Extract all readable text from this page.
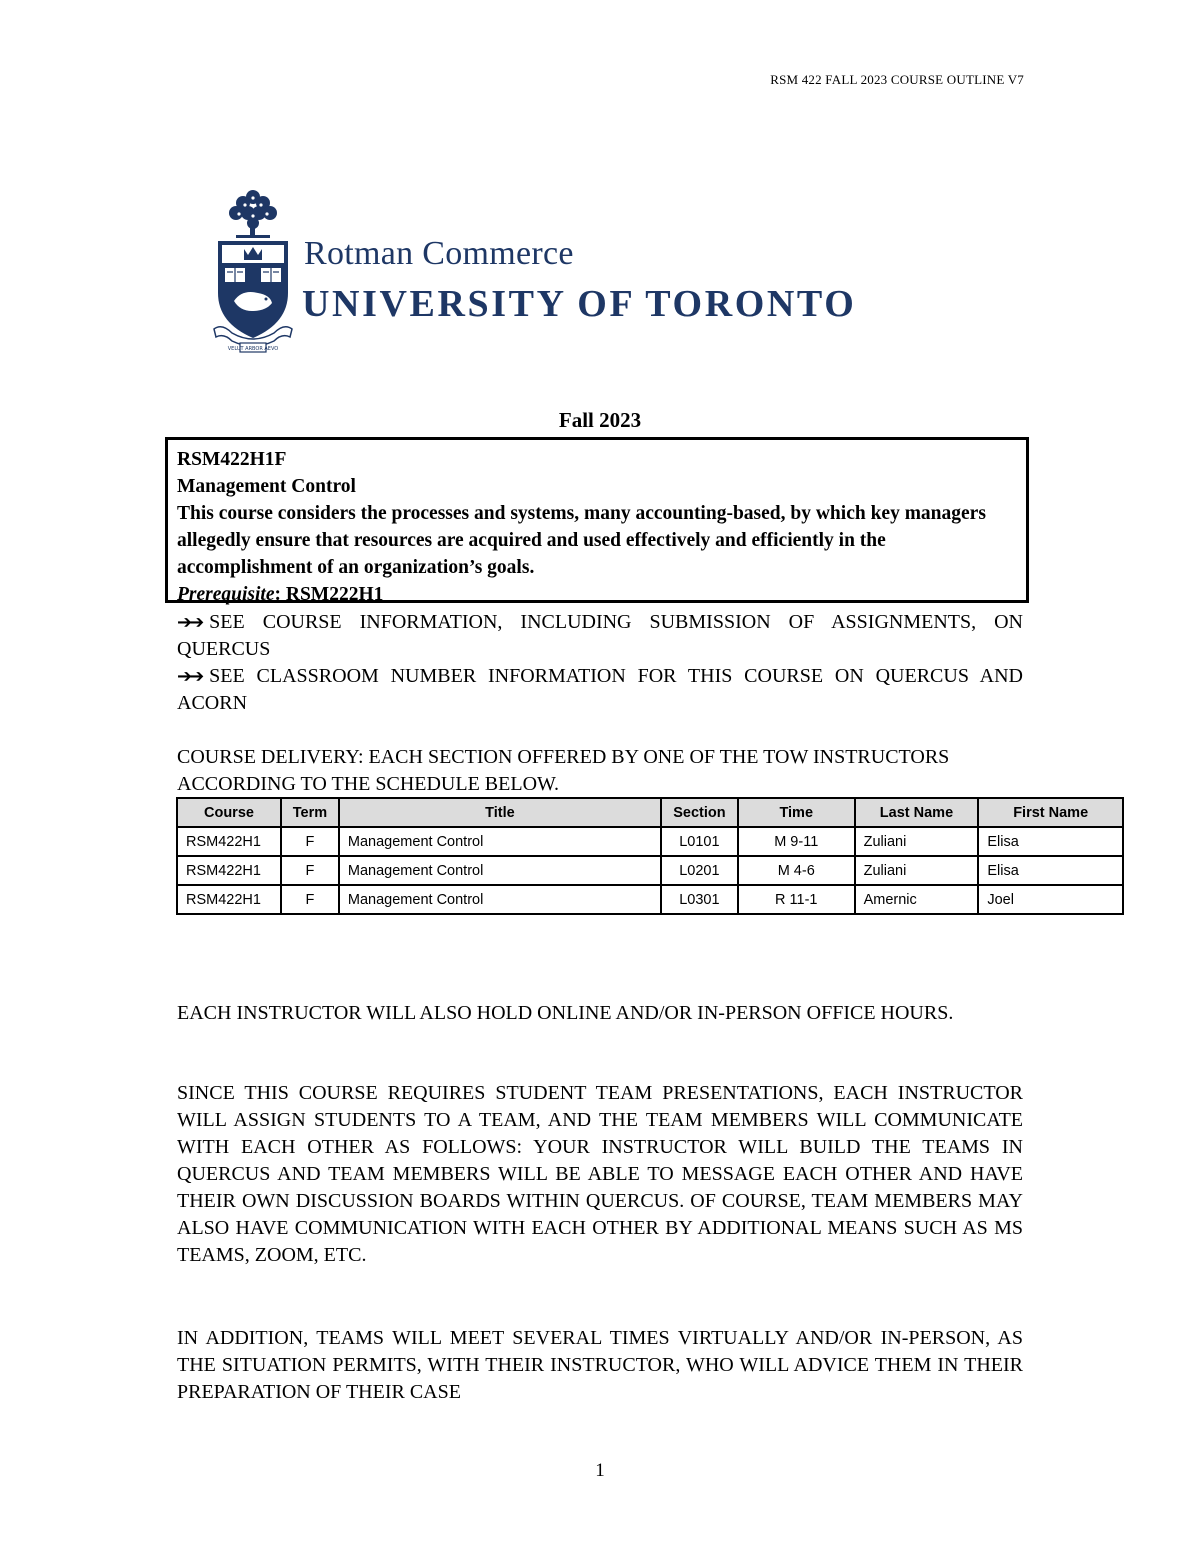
RSM 422 FALL 2023 COURSE OUTLINE V7
VELUT ARBOR AEVO
Rotman Commerce
UNIVERSITY OF TORONTO
Fall 2023
RSM422H1F
Management Control
This course considers the processes and systems, many accounting-based, by which key managers allegedly ensure that resources are acquired and used effectively and efficiently in the accomplishment of an organization’s goals.
Prerequisite: RSM222H1
➔➔ SEE COURSE INFORMATION, INCLUDING SUBMISSION OF ASSIGNMENTS, ON QUERCUS
➔➔ SEE CLASSROOM NUMBER INFORMATION FOR THIS COURSE ON QUERCUS AND ACORN
COURSE DELIVERY: EACH SECTION OFFERED BY ONE OF THE TOW INSTRUCTORS ACCORDING TO THE SCHEDULE BELOW.
Course	Term	Title	Section	Time	Last Name	First Name
RSM422H1	F	Management Control	L0101	M 9-11	Zuliani	Elisa
RSM422H1	F	Management Control	L0201	M 4-6	Zuliani	Elisa
RSM422H1	F	Management Control	L0301	R 11-1	Amernic	Joel
EACH INSTRUCTOR WILL ALSO HOLD ONLINE AND/OR IN-PERSON OFFICE HOURS.
SINCE THIS COURSE REQUIRES STUDENT TEAM PRESENTATIONS, EACH INSTRUCTOR WILL ASSIGN STUDENTS TO A TEAM, AND THE TEAM MEMBERS WILL COMMUNICATE WITH EACH OTHER AS FOLLOWS: YOUR INSTRUCTOR WILL BUILD THE TEAMS IN QUERCUS AND TEAM MEMBERS WILL BE ABLE TO MESSAGE EACH OTHER AND HAVE THEIR OWN DISCUSSION BOARDS WITHIN QUERCUS. OF COURSE, TEAM MEMBERS MAY ALSO HAVE COMMUNICATION WITH EACH OTHER BY ADDITIONAL MEANS SUCH AS MS TEAMS, ZOOM, ETC.
IN ADDITION, TEAMS WILL MEET SEVERAL TIMES VIRTUALLY AND/OR IN-PERSON, AS THE SITUATION PERMITS, WITH THEIR INSTRUCTOR, WHO WILL ADVICE THEM IN THEIR PREPARATION OF THEIR CASE
1
